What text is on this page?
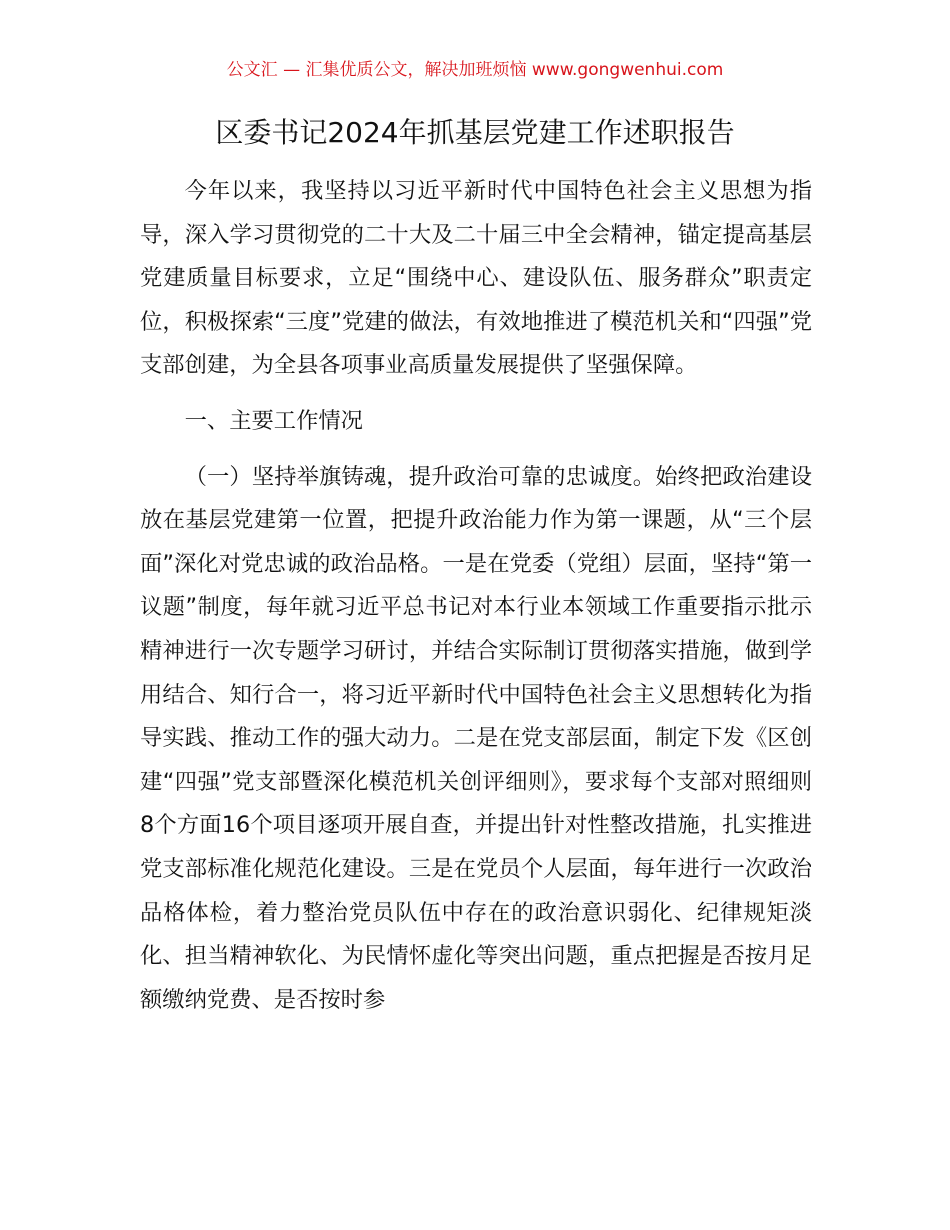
公文汇 — 汇集优质公文，解决加班烦恼 www.gongwenhui.com
区委书记2024年抓基层党建工作述职报告

今年以来，我坚持以习近平新时代中国特色社会主义思想为指导，深入学习贯彻党的二十大及二十届三中全会精神，锚定提高基层党建质量目标要求，立足“围绕中心、建设队伍、服务群众”职责定位，积极探索“三度”党建的做法，有效地推进了模范机关和“四强”党支部创建，为全县各项事业高质量发展提供了坚强保障。

一、主要工作情况

（一）坚持举旗铸魂，提升政治可靠的忠诚度。始终把政治建设放在基层党建第一位置，把提升政治能力作为第一课题，从“三个层面”深化对党忠诚的政治品格。一是在党委（党组）层面，坚持“第一议题”制度，每年就习近平总书记对本行业本领域工作重要指示批示精神进行一次专题学习研讨，并结合实际制订贯彻落实措施，做到学用结合、知行合一，将习近平新时代中国特色社会主义思想转化为指导实践、推动工作的强大动力。二是在党支部层面，制定下发《区创建“四强”党支部暨深化模范机关创评细则》，要求每个支部对照细则8个方面16个项目逐项开展自查，并提出针对性整改措施，扎实推进党支部标准化规范化建设。三是在党员个人层面，每年进行一次政治品格体检，着力整治党员队伍中存在的政治意识弱化、纪律规矩淡化、担当精神软化、为民情怀虚化等突出问题，重点把握是否按月足额缴纳党费、是否按时参
